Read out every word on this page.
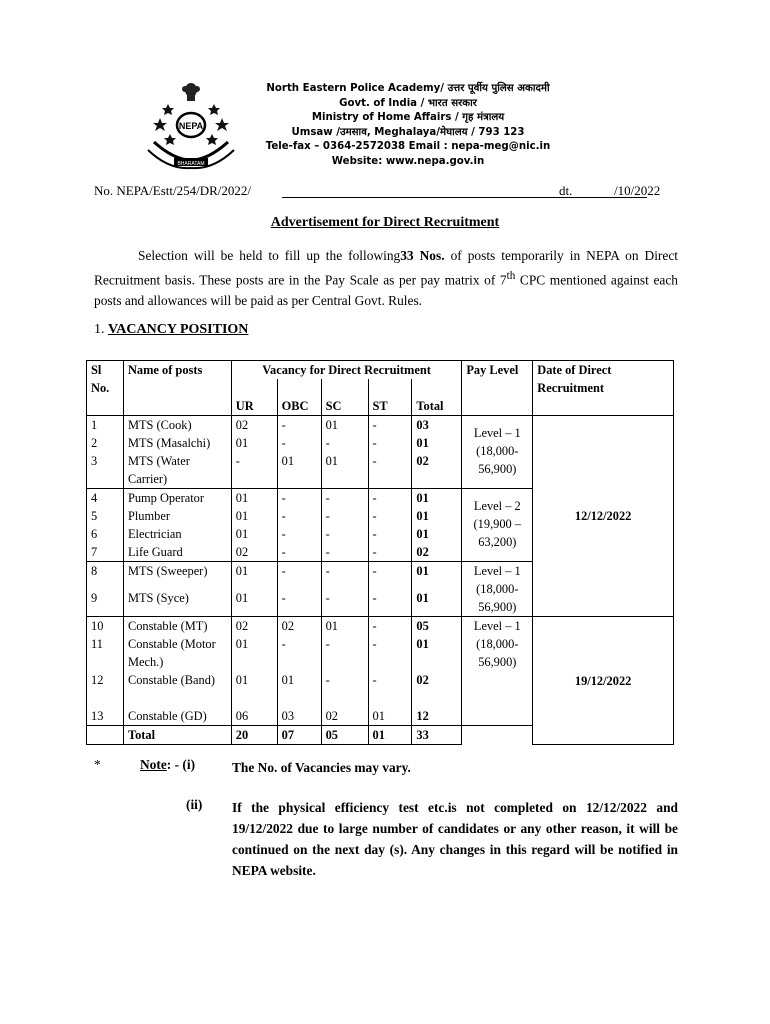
NEPA
BHARATAM
North Eastern Police Academy/ उत्तर पूर्वीय पुलिस अकादमी
Govt. of India / भारत सरकार
Ministry of Home Affairs / गृह मंत्रालय
Umsaw /उमसाव, Meghalaya/मेघालय / 793 123
Tele-fax – 0364-2572038 Email : nepa-meg@nic.in
Website: www.nepa.gov.in
No. NEPA/Estt/254/DR/2022/	dt.	/10/2022
Advertisement for Direct Recruitment
Selection will be held to fill up the following33 Nos. of posts temporarily in NEPA on Direct Recruitment basis. These posts are in the Pay Scale as per pay matrix of 7th CPC mentioned against each posts and allowances will be paid as per Central Govt. Rules.
1. VACANCY POSITION
Sl No.	Name of posts	Vacancy for Direct Recruitment					Pay Level	Date of Direct Recruitment
		UR	OBC	SC	ST	Total		
1	MTS (Cook)	02	-	01	-	03	Level – 1 (18,000-56,900)	12/12/2022
2	MTS (Masalchi)	01	-	-	-	01		
3	MTS (Water Carrier)	-	01	01	-	02		
4	Pump Operator	01	-	-	-	01	Level – 2 (19,900 – 63,200)	
5	Plumber	01	-	-	-	01		
6	Electrician	01	-	-	-	01		
7	Life Guard	02	-	-	-	02		
8	MTS (Sweeper)	01	-	-	-	01	Level – 1 (18,000-56,900)	
9	MTS (Syce)	01	-	-	-	01		
10	Constable (MT)	02	02	01	-	05	Level – 1 (18,000-56,900)	19/12/2022
11	Constable (Motor Mech.)	01	-	-	-	01		
12	Constable (Band)	01	01	-	-	02		
13	Constable (GD)	06	03	02	01	12		
	Total	20	07	05	01	33		
*	Note: - (i)	The No. of Vacancies may vary.
(ii) If the physical efficiency test etc.is not completed on 12/12/2022 and 19/12/2022 due to large number of candidates or any other reason, it will be continued on the next day (s). Any changes in this regard will be notified in NEPA website.
